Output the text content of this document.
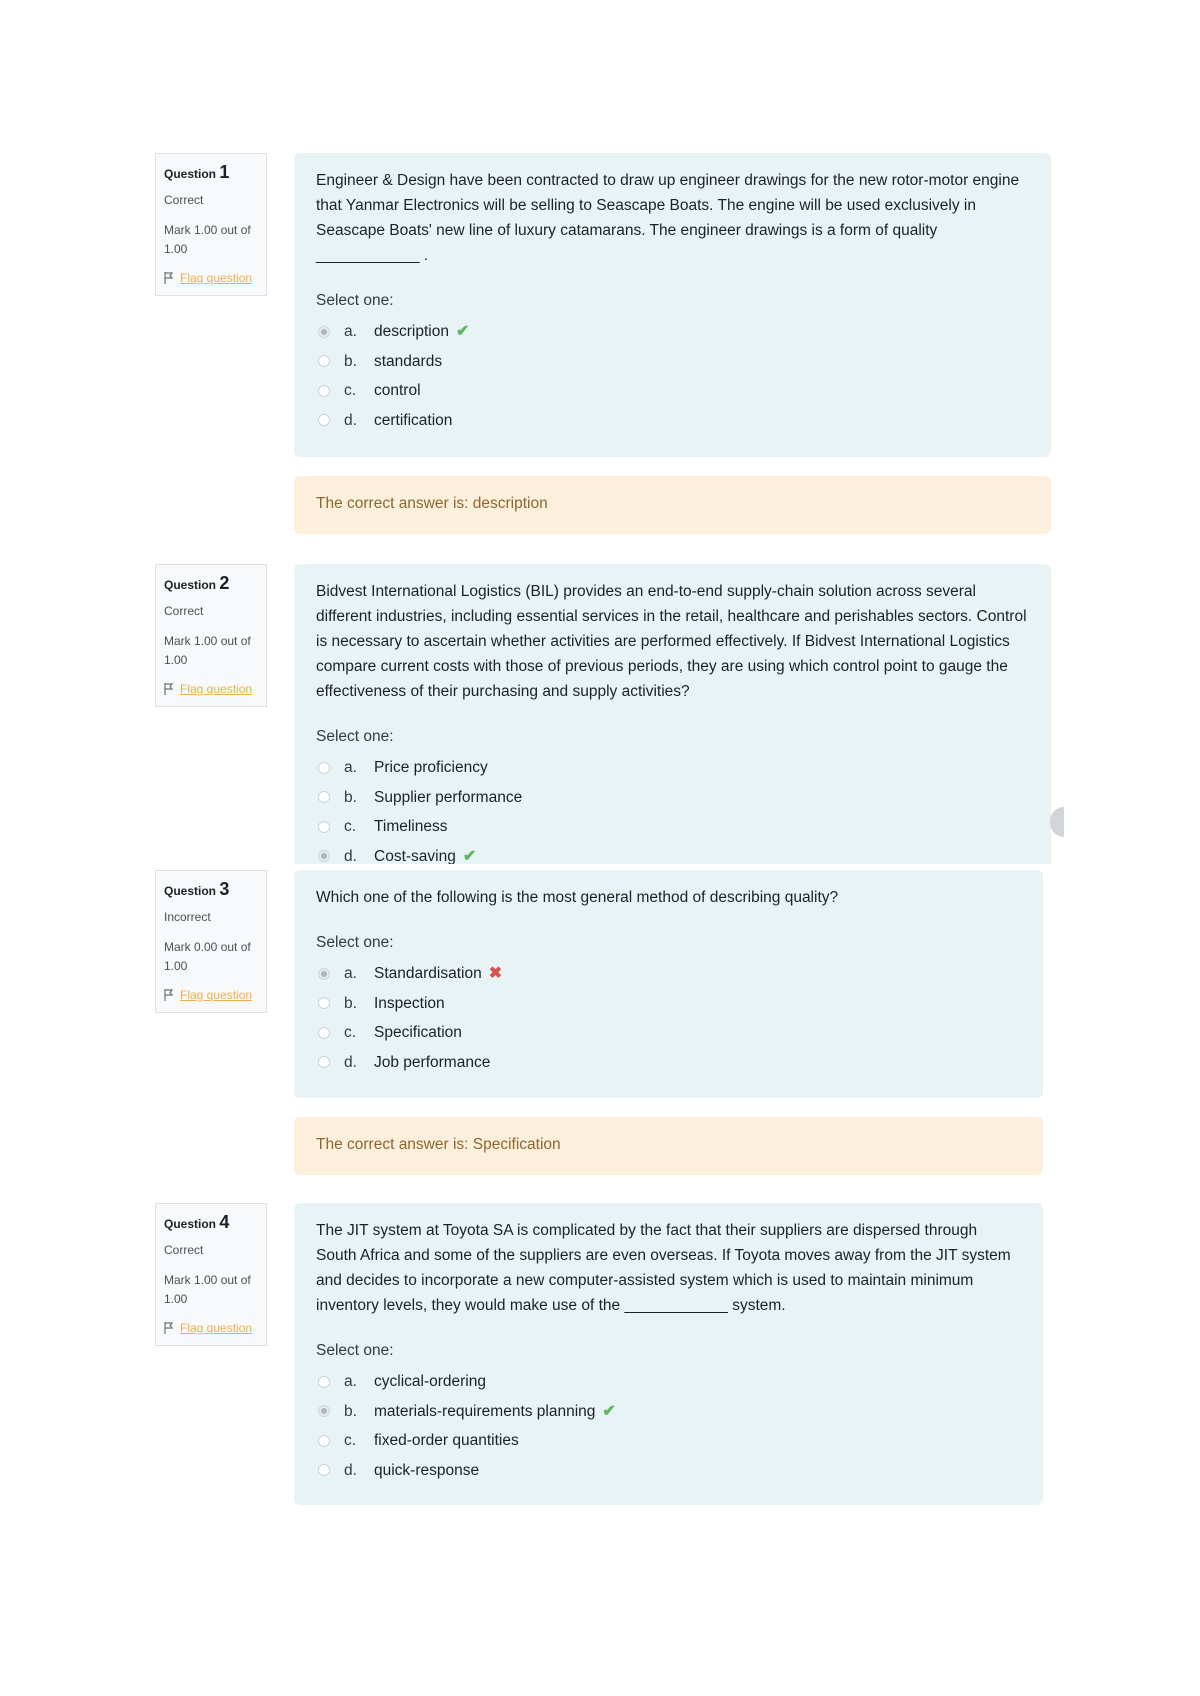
Question 1
Correct
Mark 1.00 out of
1.00
Flag question
Engineer & Design have been contracted to draw up engineer drawings for the new rotor-motor engine that Yanmar Electronics will be selling to Seascape Boats. The engine will be used exclusively in Seascape Boats' new line of luxury catamarans. The engineer drawings is a form of quality ____________ .
Select one:
a.	description ✔
b.	standards
c.	control
d.	certification
The correct answer is: description
Question 2
Correct
Mark 1.00 out of
1.00
Flag question
Bidvest International Logistics (BIL) provides an end-to-end supply-chain solution across several different industries, including essential services in the retail, healthcare and perishables sectors. Control is necessary to ascertain whether activities are performed effectively. If Bidvest International Logistics compare current costs with those of previous periods, they are using which control point to gauge the effectiveness of their purchasing and supply activities?
Select one:
a.	Price proficiency
b.	Supplier performance
c.	Timeliness
d.	Cost-saving ✔
Question 3
Incorrect
Mark 0.00 out of
1.00
Flag question
Which one of the following is the most general method of describing quality?
Select one:
a.	Standardisation ✖
b.	Inspection
c.	Specification
d.	Job performance
The correct answer is: Specification
Question 4
Correct
Mark 1.00 out of
1.00
Flag question
The JIT system at Toyota SA is complicated by the fact that their suppliers are dispersed through South Africa and some of the suppliers are even overseas. If Toyota moves away from the JIT system and decides to incorporate a new computer-assisted system which is used to maintain minimum inventory levels, they would make use of the ____________ system.
Select one:
a.	cyclical-ordering
b.	materials-requirements planning ✔
c.	fixed-order quantities
d.	quick-response
